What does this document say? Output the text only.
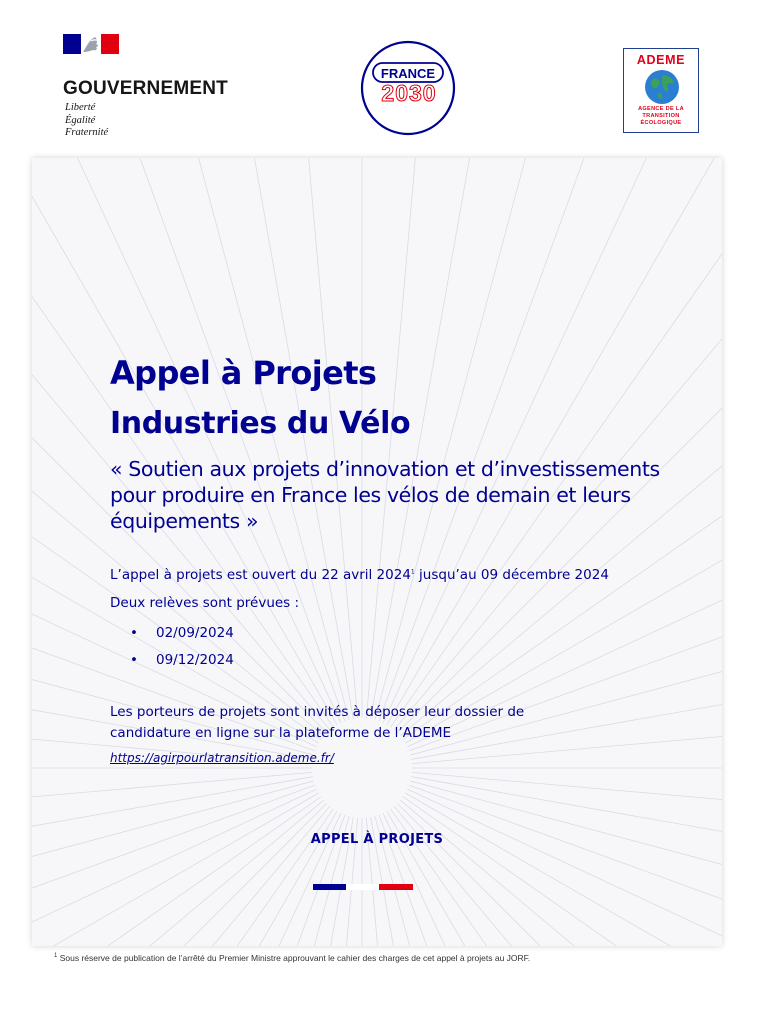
GOUVERNEMENT
Liberté
Égalité
Fraternité
FRANCE
2030
ADEME
AGENCE DE LA
TRANSITION
ÉCOLOGIQUE
Appel à Projets
Industries du Vélo

« Soutien aux projets d’innovation et d’investissements pour produire en France les vélos de demain et leurs équipements »

L’appel à projets est ouvert du 22 avril 2024$^1$ jusqu’au 09 décembre 2024

Deux relèves sont prévues :

• 02/09/2024
• 09/12/2024

Les porteurs de projets sont invités à déposer leur dossier de candidature en ligne sur la plateforme de l’ADEME

https://agirpourlatransition.ademe.fr/
APPEL À PROJETS
$^1$ Sous réserve de publication de l’arrêté du Premier Ministre approuvant le cahier des charges de cet appel à projets au JORF.
